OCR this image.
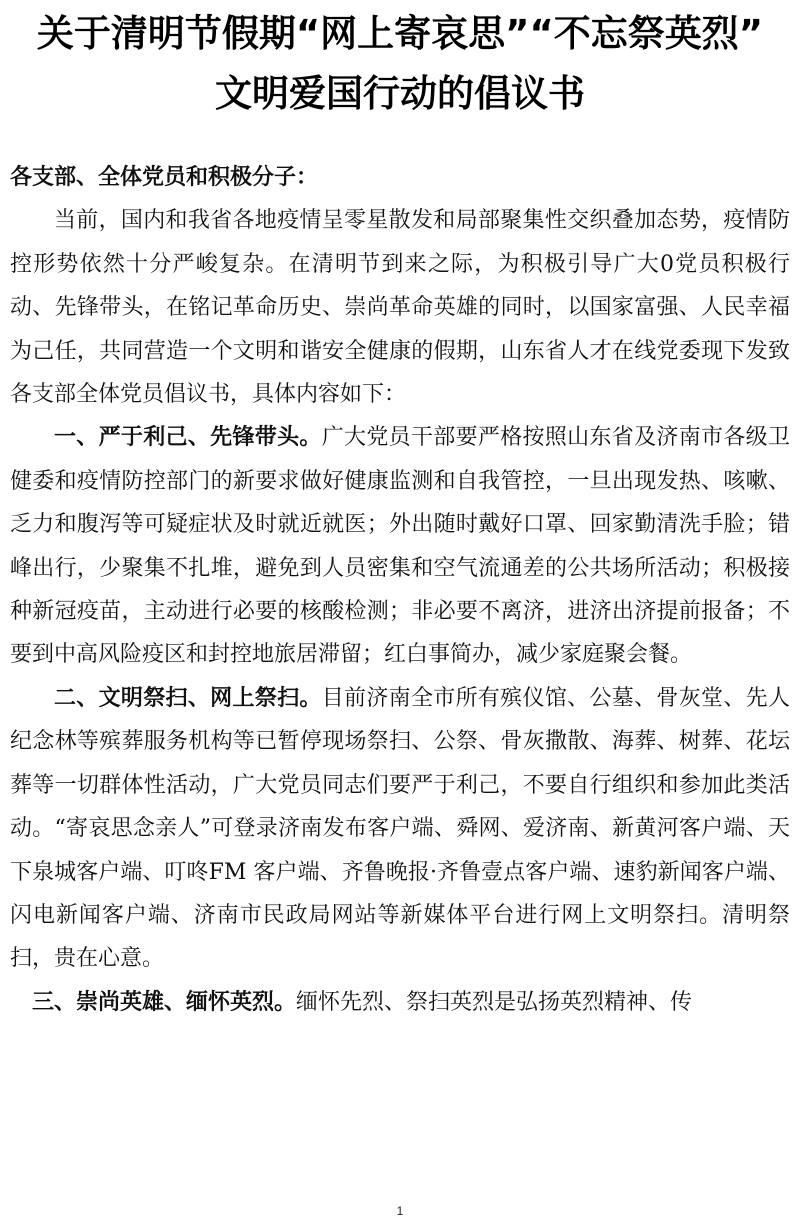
关于清明节假期“网上寄哀思”“不忘祭英烈”
文明爱国行动的倡议书

各支部、全体党员和积极分子：

当前，国内和我省各地疫情呈零星散发和局部聚集性交织叠加态势，疫情防控形势依然十分严峻复杂。在清明节到来之际，为积极引导广大0党员积极行动、先锋带头，在铭记革命历史、崇尚革命英雄的同时，以国家富强、人民幸福为己任，共同营造一个文明和谐安全健康的假期，山东省人才在线党委现下发致各支部全体党员倡议书，具体内容如下：

一、严于利己、先锋带头。广大党员干部要严格按照山东省及济南市各级卫健委和疫情防控部门的新要求做好健康监测和自我管控，一旦出现发热、咳嗽、乏力和腹泻等可疑症状及时就近就医；外出随时戴好口罩、回家勤清洗手脸；错峰出行，少聚集不扎堆，避免到人员密集和空气流通差的公共场所活动；积极接种新冠疫苗，主动进行必要的核酸检测；非必要不离济，进济出济提前报备；不要到中高风险疫区和封控地旅居滞留；红白事简办，减少家庭聚会餐。

二、文明祭扫、网上祭扫。目前济南全市所有殡仪馆、公墓、骨灰堂、先人纪念林等殡葬服务机构等已暂停现场祭扫、公祭、骨灰撒散、海葬、树葬、花坛葬等一切群体性活动，广大党员同志们要严于利己，不要自行组织和参加此类活动。“寄哀思念亲人”可登录济南发布客户端、舜网、爱济南、新黄河客户端、天下泉城客户端、叮咚FM 客户端、齐鲁晚报·齐鲁壹点客户端、速豹新闻客户端、闪电新闻客户端、济南市民政局网站等新媒体平台进行网上文明祭扫。清明祭扫，贵在心意。

三、崇尚英雄、缅怀英烈。缅怀先烈、祭扫英烈是弘扬英烈精神、传

1
